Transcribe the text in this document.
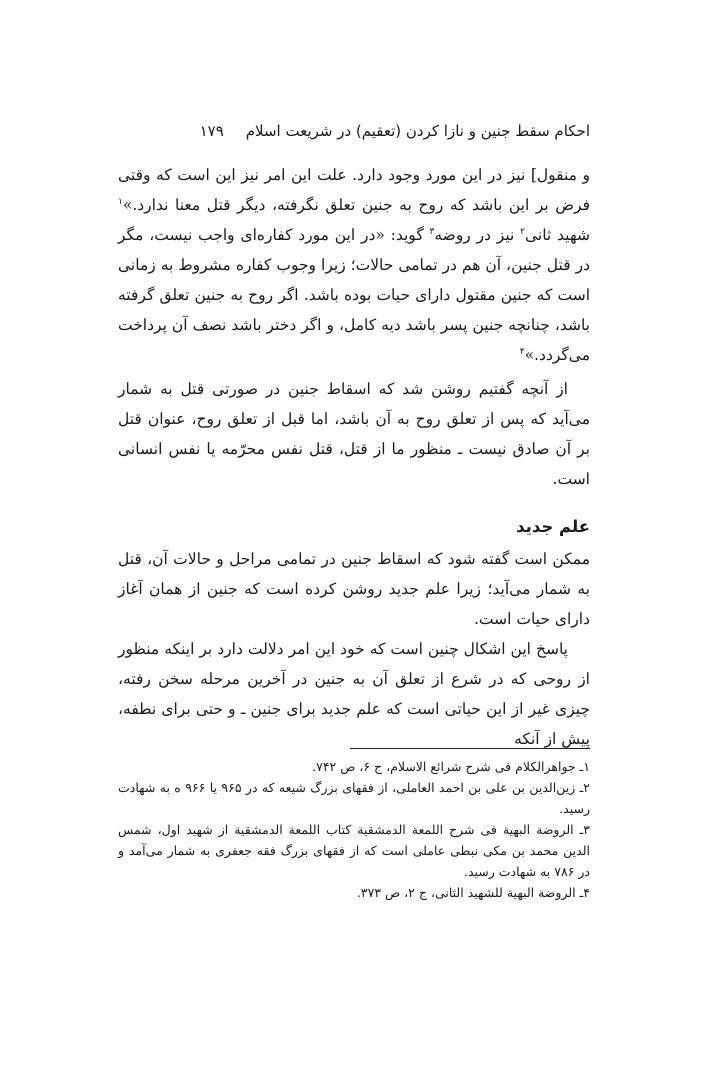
احکام سقط جنین و نازا کردن (تعقیم) در شریعت اسلام
۱۷۹

و منقول] نیز در این مورد وجود دارد. علت این امر نیز این است که وقتی فرض بر این باشد که روح به جنین تعلق نگرفته، دیگر قتل معنا ندارد.»$^۱$ شهید ثانی$^۲$ نیز در روضه$^۳$ گوید: «در این مورد کفاره‌ای واجب نیست، مگر در قتل جنین، آن هم در تمامی حالات؛ زیرا وجوب کفاره مشروط به زمانی است که جنین مقتول دارای حیات بوده باشد. اگر روح به جنین تعلق گرفته باشد، چنانچه جنین پسر باشد دیه کامل، و اگر دختر باشد نصف آن پرداخت می‌گردد.»$^۴$

از آنچه گفتیم روشن شد که اسقاط جنین در صورتی قتل به شمار می‌آید که پس از تعلق روح به آن باشد، اما قبل از تعلق روح، عنوان قتل بر آن صادق نیست ـ منظور ما از قتل، قتل نفس محرّمه یا نفس انسانی است.

علم جدید

ممکن است گفته شود که اسقاط جنین در تمامی مراحل و حالات آن، قتل به شمار می‌آید؛ زیرا علم جدید روشن کرده است که جنین از همان آغاز دارای حیات است.

پاسخ این اشکال چنین است که خود این امر دلالت دارد بر اینکه منظور از روحی که در شرع از تعلق آن به جنین در آخرین مرحله سخن رفته، چیزی غیر از این حیاتی است که علم جدید برای جنین ـ و حتی برای نطفه، پیش از آنکه

۱ـ جواهرالکلام فی شرح شرائع الاسلام، ج ۶، ص ۷۴۲.

۲ـ زین‌الدین بن علی بن احمد العاملی، از فقهای بزرگ شیعه که در ۹۶۵ یا ۹۶۶ ه به شهادت رسید.

۳ـ الروضة البهیة فی شرح اللمعة الدمشقیة کتاب اللمعة الدمشقیة از شهید اول، شمس الدین محمد بن مکی نبطی عاملی است که از فقهای بزرگ فقه جعفری به شمار می‌آمد و در ۷۸۶ به شهادت رسید.

۴ـ الروضة البهیة للشهید الثانی، ج ۲، ص ۳۷۳.
